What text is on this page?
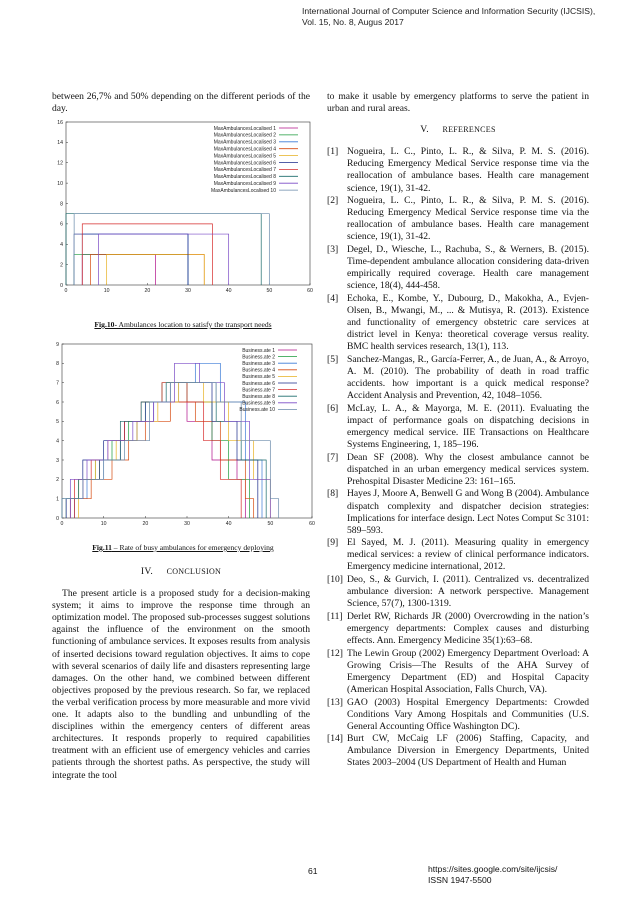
International Journal of Computer Science and Information Security (IJCSIS),
Vol. 15, No. 8, Augus 2017
between 26,7% and 50% depending on the different periods of the day.
0	10	20	30	40	50	60
0
2
4
6
8
10
12
14
16
MaxAmbulancesLocalised 1
MaxAmbulancesLocalised 2
MaxAmbulancesLocalised 3
MaxAmbulancesLocalised 4
MaxAmbulancesLocalised 5
MaxAmbulancesLocalised 6
MaxAmbulancesLocalised 7
MaxAmbulancesLocalised 8
MaxAmbulancesLocalised 9
MaxAmbulancesLocalised 10
Fig.10- Ambulances location to satisfy the transport needs
0	10	20	30	40	50	60
0
1
2
3
4
5
6
7
8
9
Business.ate 1
Business.ate 2
Business.ate 3
Business.ate 4
Business.ate 5
Business.ate 6
Business.ate 7
Business.ate 8
Business.ate 9
Business.ate 10
Fig.11 – Rate of busy ambulances for emergency deploying
IV. CONCLUSION

The present article is a proposed study for a decision-making system; it aims to improve the response time through an optimization model. The proposed sub-processes suggest solutions against the influence of the environment on the smooth functioning of ambulance services. It exposes results from analysis of inserted decisions toward regulation objectives. It aims to cope with several scenarios of daily life and disasters representing large damages. On the other hand, we combined between different objectives proposed by the previous research. So far, we replaced the verbal verification process by more measurable and more vivid one. It adapts also to the bundling and unbundling of the disciplines within the emergency centers of different areas architectures. It responds properly to required capabilities treatment with an efficient use of emergency vehicles and carries patients through the shortest paths. As perspective, the study will integrate the tool

to make it usable by emergency platforms to serve the patient in urban and rural areas.
V. REFERENCES
[1] Nogueira, L. C., Pinto, L. R., & Silva, P. M. S. (2016). Reducing Emergency Medical Service response time via the reallocation of ambulance bases. Health care management science, 19(1), 31-42.
[2] Nogueira, L. C., Pinto, L. R., & Silva, P. M. S. (2016). Reducing Emergency Medical Service response time via the reallocation of ambulance bases. Health care management science, 19(1), 31-42.
[3] Degel, D., Wiesche, L., Rachuba, S., & Werners, B. (2015). Time-dependent ambulance allocation considering data-driven empirically required coverage. Health care management science, 18(4), 444-458.
[4] Echoka, E., Kombe, Y., Dubourg, D., Makokha, A., Evjen-Olsen, B., Mwangi, M., ... & Mutisya, R. (2013). Existence and functionality of emergency obstetric care services at district level in Kenya: theoretical coverage versus reality. BMC health services research, 13(1), 113.
[5] Sanchez-Mangas, R., García-Ferrer, A., de Juan, A., & Arroyo, A. M. (2010). The probability of death in road traffic accidents. how important is a quick medical response? Accident Analysis and Prevention, 42, 1048–1056.
[6] McLay, L. A., & Mayorga, M. E. (2011). Evaluating the impact of performance goals on dispatching decisions in emergency medical service. IIE Transactions on Healthcare Systems Engineering, 1, 185–196.
[7] Dean SF (2008). Why the closest ambulance cannot be dispatched in an urban emergency medical services system. Prehospital Disaster Medicine 23: 161–165.
[8] Hayes J, Moore A, Benwell G and Wong B (2004). Ambulance dispatch complexity and dispatcher decision strategies: Implications for interface design. Lect Notes Comput Sc 3101: 589–593.
[9] El Sayed, M. J. (2011). Measuring quality in emergency medical services: a review of clinical performance indicators. Emergency medicine international, 2012.
[10] Deo, S., & Gurvich, I. (2011). Centralized vs. decentralized ambulance diversion: A network perspective. Management Science, 57(7), 1300-1319.
[11] Derlet RW, Richards JR (2000) Overcrowding in the nation’s emergency departments: Complex causes and disturbing effects. Ann. Emergency Medicine 35(1):63–68.
[12] The Lewin Group (2002) Emergency Department Overload: A Growing Crisis—The Results of the AHA Survey of Emergency Department (ED) and Hospital Capacity (American Hospital Association, Falls Church, VA).
[13] GAO (2003) Hospital Emergency Departments: Crowded Conditions Vary Among Hospitals and Communities (U.S. General Accounting Office Washington DC).
[14] Burt CW, McCaig LF (2006) Staffing, Capacity, and Ambulance Diversion in Emergency Departments, United States 2003–2004 (US Department of Health and Human
61	https://sites.google.com/site/ijcsis/
ISSN 1947-5500
